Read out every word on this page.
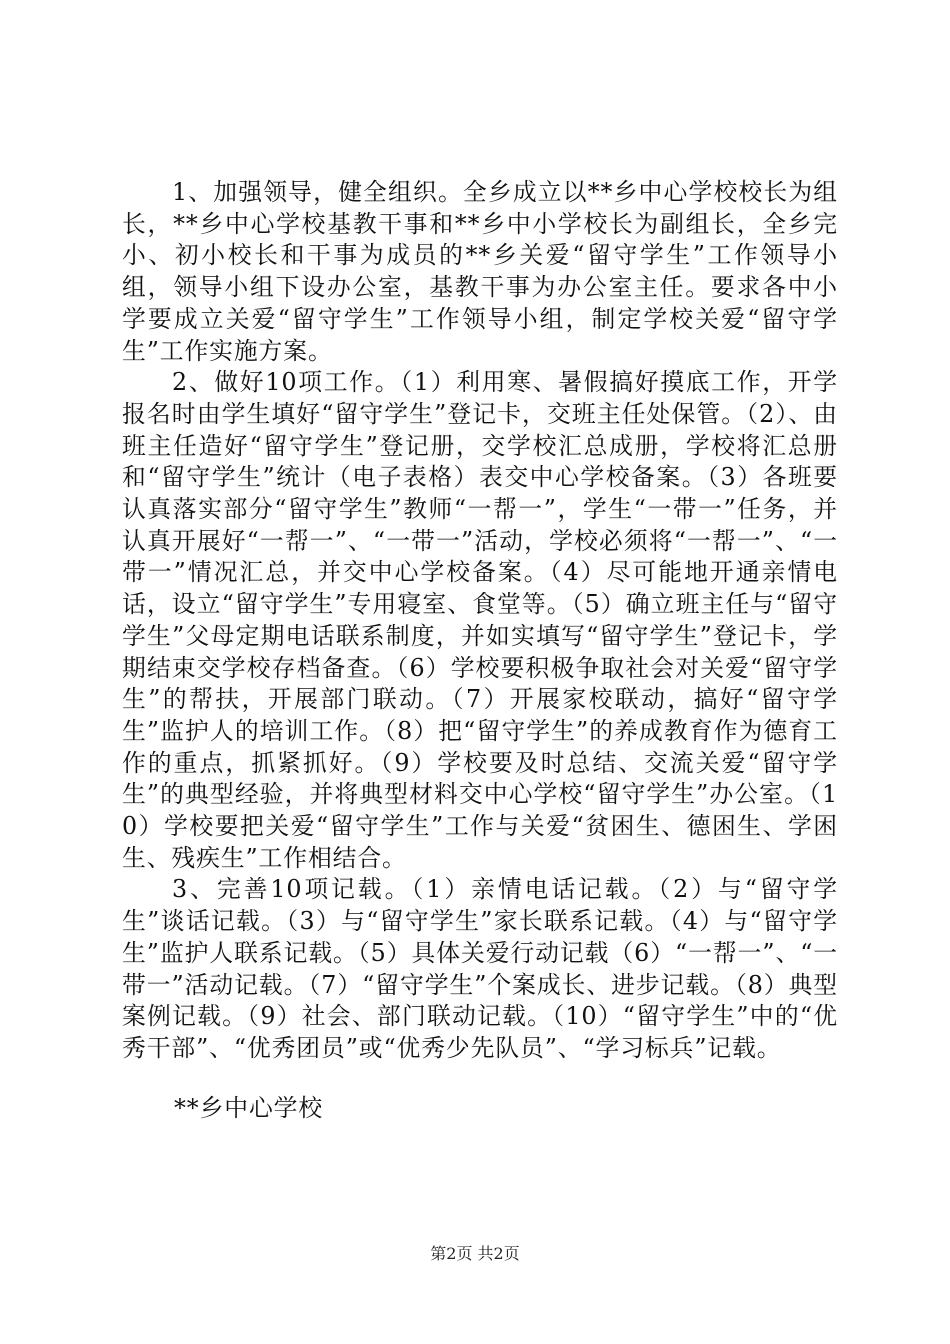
1、加强领导，健全组织。全乡成立以**乡中心学校校长为组长，**乡中心学校基教干事和**乡中小学校长为副组长，全乡完小、初小校长和干事为成员的**乡关爱“留守学生”工作领导小组，领导小组下设办公室，基教干事为办公室主任。要求各中小学要成立关爱“留守学生”工作领导小组，制定学校关爱“留守学生”工作实施方案。

2、做好10项工作。（1）利用寒、暑假搞好摸底工作，开学报名时由学生填好“留守学生”登记卡，交班主任处保管。（2）、由班主任造好“留守学生”登记册，交学校汇总成册，学校将汇总册和“留守学生”统计（电子表格）表交中心学校备案。（3）各班要认真落实部分“留守学生”教师“一帮一”，学生“一带一”任务，并认真开展好“一帮一”、“一带一”活动，学校必须将“一帮一”、“一带一”情况汇总，并交中心学校备案。（4）尽可能地开通亲情电话，设立“留守学生”专用寝室、食堂等。（5）确立班主任与“留守学生”父母定期电话联系制度，并如实填写“留守学生”登记卡，学期结束交学校存档备查。（6）学校要积极争取社会对关爱“留守学生”的帮扶，开展部门联动。（7）开展家校联动，搞好“留守学生”监护人的培训工作。（8）把“留守学生”的养成教育作为德育工作的重点，抓紧抓好。（9）学校要及时总结、交流关爱“留守学生”的典型经验，并将典型材料交中心学校“留守学生”办公室。（10）学校要把关爱“留守学生”工作与关爱“贫困生、德困生、学困生、残疾生”工作相结合。

3、完善10项记载。（1）亲情电话记载。（2）与“留守学生”谈话记载。（3）与“留守学生”家长联系记载。（4）与“留守学生”监护人联系记载。（5）具体关爱行动记载（6）“一帮一”、“一带一”活动记载。（7）“留守学生”个案成长、进步记载。（8）典型案例记载。（9）社会、部门联动记载。（10）“留守学生”中的“优秀干部”、“优秀团员”或“优秀少先队员”、“学习标兵”记载。

**乡中心学校
第2页 共2页
